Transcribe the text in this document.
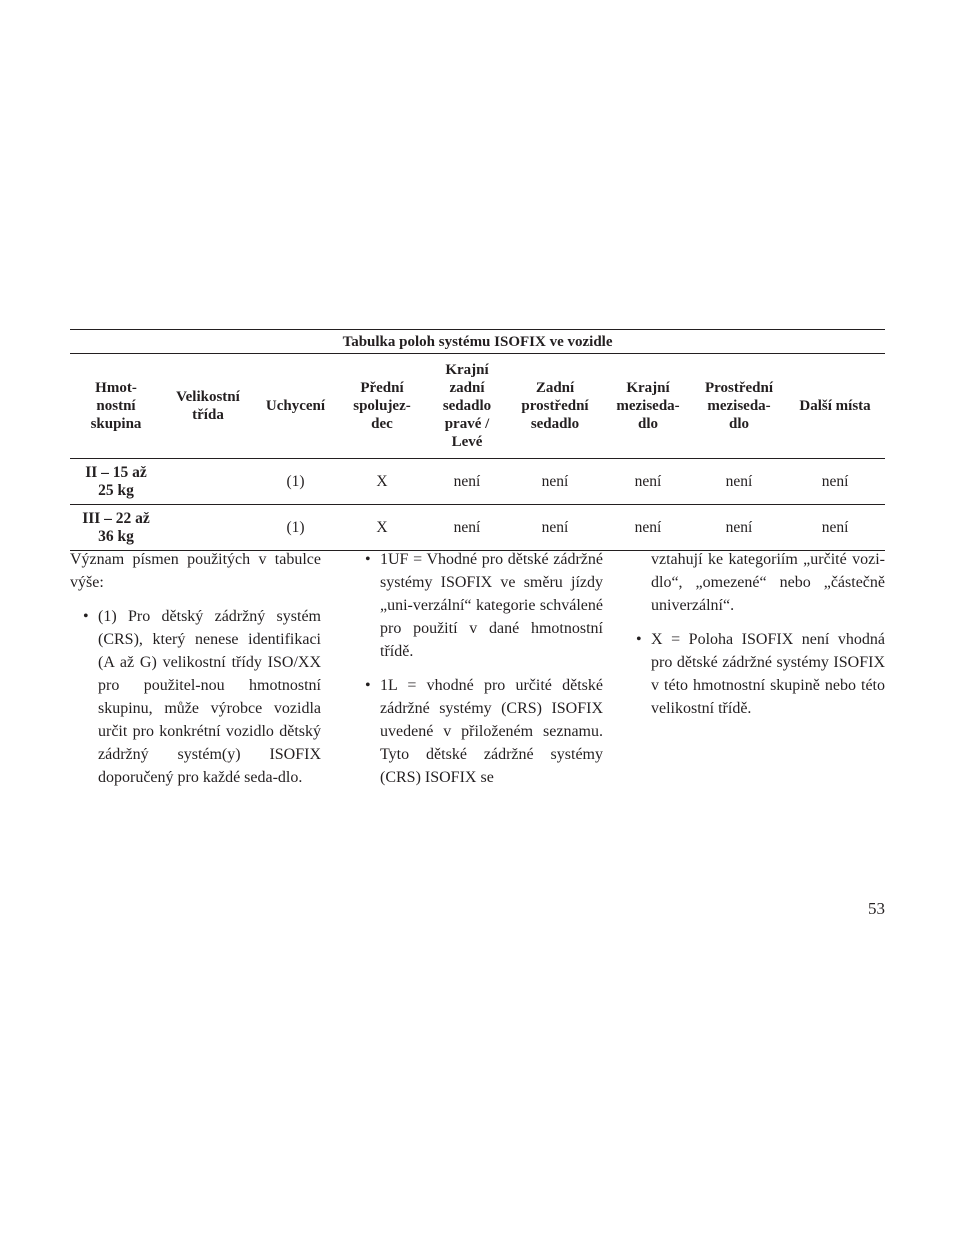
Tabulka poloh systému ISOFIX ve vozidle								

Hmot-
nostní
skupina	Velikostní
třída	Uchycení	Přední
spolujez-
dec	Krajní
zadní
sedadlo
pravé /
Levé	Zadní
prostřední
sedadlo	Krajní
meziseda-
dlo	Prostřední
meziseda-
dlo	Další místa

II – 15 až
25 kg		(1)	X	není	není	není	není	není

III – 22 až
36 kg		(1)	X	není	není	není	není	není

Význam písmen použitých v tabulce výše:

• (1) Pro dětský zádržný systém (CRS), který nenese identifikaci (A až G) velikostní třídy ISO/XX pro použitel-nou hmotnostní skupinu, může výrobce vozidla určit pro konkrétní vozidlo dětský zádržný systém(y) ISOFIX doporučený pro každé seda-dlo.

• 1UF = Vhodné pro dětské zádržné systémy ISOFIX ve směru jízdy „uni-verzální“ kategorie schválené pro použití v dané hmotnostní třídě.

• 1L = vhodné pro určité dětské zádržné systémy (CRS) ISOFIX uvedené v přiloženém seznamu. Tyto dětské zádržné systémy (CRS) ISOFIX se

vztahují ke kategoriím „určité vozi-dlo“, „omezené“ nebo „částečně univerzální“.

• X = Poloha ISOFIX není vhodná pro dětské zádržné systémy ISOFIX v této hmotnostní skupině nebo této velikostní třídě.

53
